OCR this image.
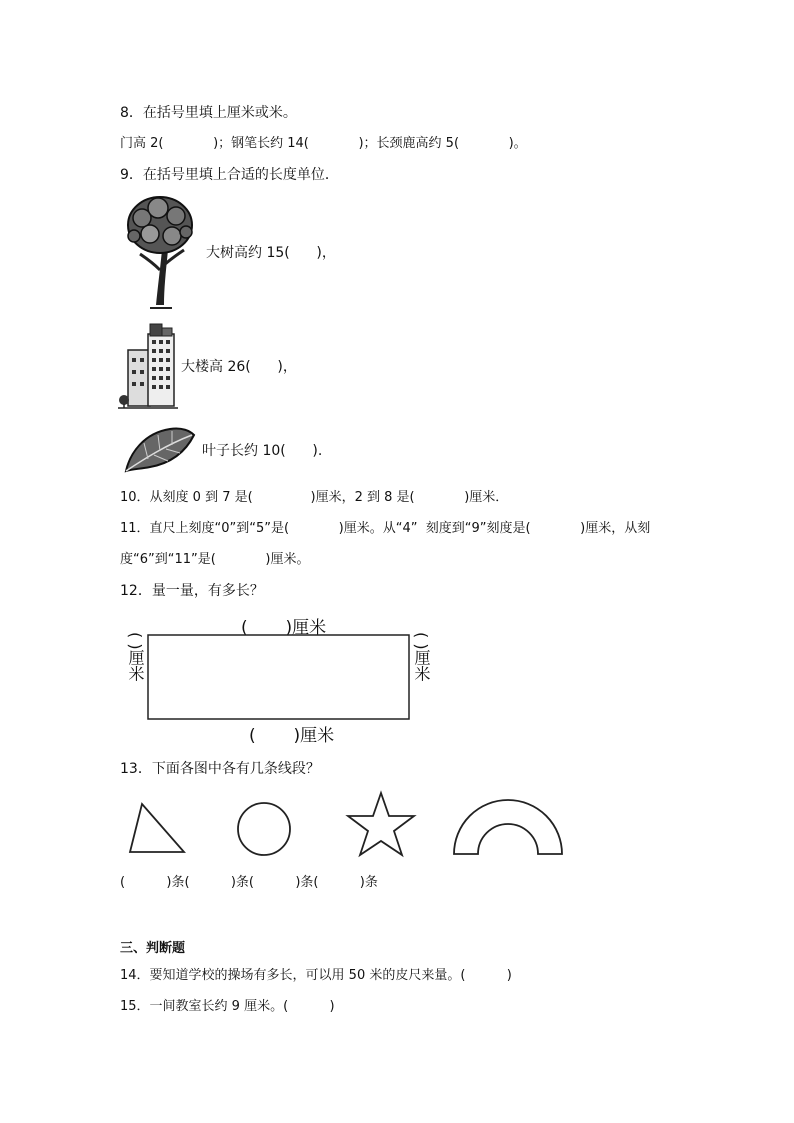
8．在括号里填上厘米或米。
门高 2(            )；钢笔长约 14(            )；长颈鹿高约 5(            )。
9．在括号里填上合适的长度单位．
大树高约 15(      )，
大楼高 26(      )，
叶子长约 10(      ).
10．从刻度 0 到 7 是(              )厘米，2 到 8 是(            )厘米．
11．直尺上刻度“0”到“5”是(            )厘米。从“4”  刻度到“9”刻度是(            )厘米，从刻
度“6”到“11”是(            )厘米。
12．量一量，有多长？
(       )厘米
(       )厘米
( )厘米	( )厘米
13．下面各图中各有几条线段？
(          )条(          )条(          )条(          )条
三、判断题
14．要知道学校的操场有多长，可以用 50 米的皮尺来量。(          )
15．一间教室长约 9 厘米。(          )
